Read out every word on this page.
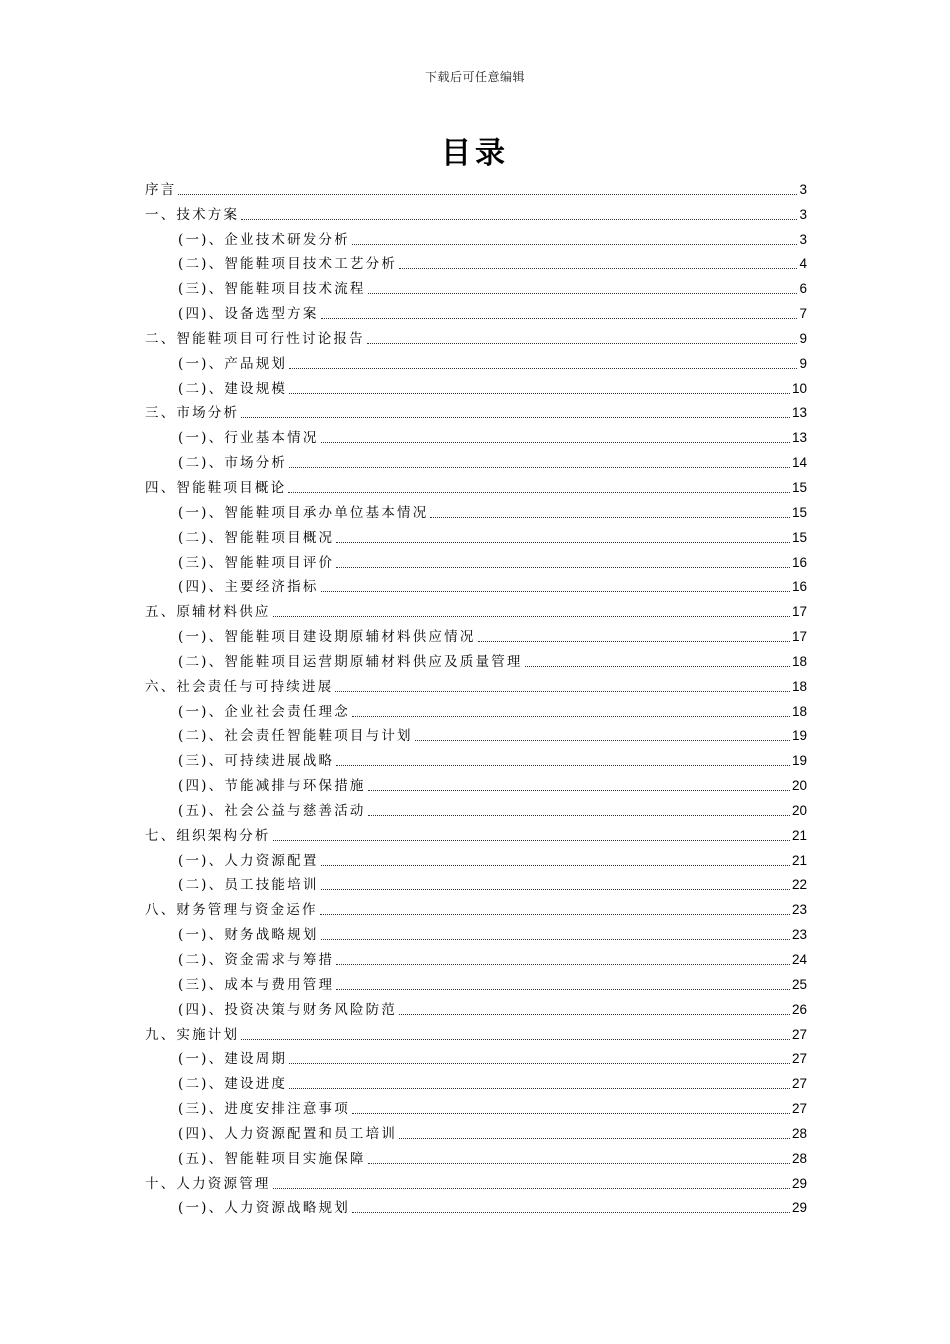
下载后可任意编辑
目录
序言	3
一、技术方案	3
(一)、企业技术研发分析	3
(二)、智能鞋项目技术工艺分析	4
(三)、智能鞋项目技术流程	6
(四)、设备选型方案	7
二、智能鞋项目可行性讨论报告	9
(一)、产品规划	9
(二)、建设规模	10
三、市场分析	13
(一)、行业基本情况	13
(二)、市场分析	14
四、智能鞋项目概论	15
(一)、智能鞋项目承办单位基本情况	15
(二)、智能鞋项目概况	15
(三)、智能鞋项目评价	16
(四)、主要经济指标	16
五、原辅材料供应	17
(一)、智能鞋项目建设期原辅材料供应情况	17
(二)、智能鞋项目运营期原辅材料供应及质量管理	18
六、社会责任与可持续进展	18
(一)、企业社会责任理念	18
(二)、社会责任智能鞋项目与计划	19
(三)、可持续进展战略	19
(四)、节能减排与环保措施	20
(五)、社会公益与慈善活动	20
七、组织架构分析	21
(一)、人力资源配置	21
(二)、员工技能培训	22
八、财务管理与资金运作	23
(一)、财务战略规划	23
(二)、资金需求与筹措	24
(三)、成本与费用管理	25
(四)、投资决策与财务风险防范	26
九、实施计划	27
(一)、建设周期	27
(二)、建设进度	27
(三)、进度安排注意事项	27
(四)、人力资源配置和员工培训	28
(五)、智能鞋项目实施保障	28
十、人力资源管理	29
(一)、人力资源战略规划	29
